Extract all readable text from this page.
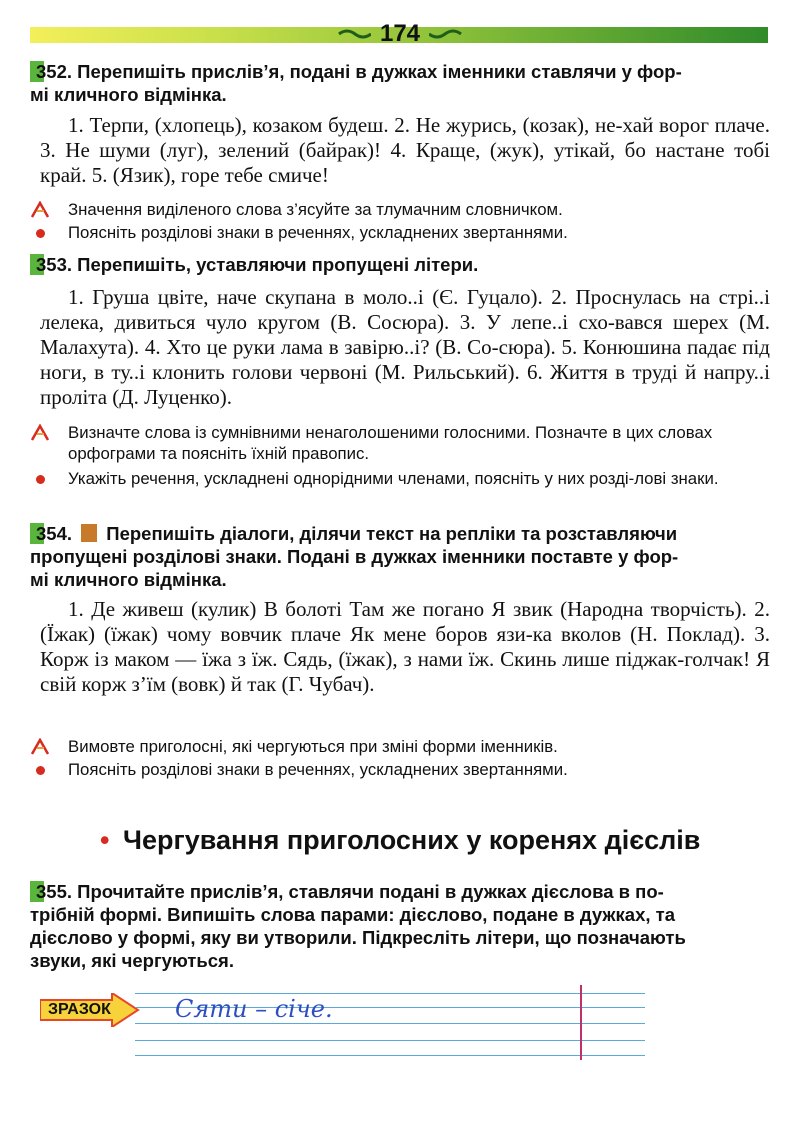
174
352. Перепишіть прислів’я, подані в дужках іменники ставлячи у фор-
мі кличного відмінка.

1. Терпи, (хлопець), козаком будеш. 2. Не журись, (козак), не-хай ворог плаче. 3. Не шуми (луг), зелений (байрак)! 4. Краще, (жук), утікай, бо настане тобі край. 5. (Язик), горе тебе смиче!

Значення виділеного слова з’ясуйте за тлумачним словничком.
Поясніть розділові знаки в реченнях, ускладнених звертаннями.
353. Перепишіть, уставляючи пропущені літери.

1. Груша цвіте, наче скупана в моло..і (Є. Гуцало). 2. Проснулась на стрі..і лелека, дивиться чуло кругом (В. Сосюра). 3. У лепе..і схо-вався шерех (М. Малахута). 4. Хто це руки лама в завірю..і? (В. Со-сюра). 5. Конюшина падає під ноги, в ту..і клонить голови червоні (М. Рильський). 6. Життя в труді й напру..і проліта (Д. Луценко).

Визначте слова із сумнівними ненаголошеними голосними. Позначте в цих словах орфограми та поясніть їхній правопис.
Укажіть речення, ускладнені однорідними членами, поясніть у них розді-лові знаки.
354. Перепишіть діалоги, ділячи текст на репліки та розставляючи
пропущені розділові знаки. Подані в дужках іменники поставте у фор-
мі кличного відмінка.

1. Де живеш (кулик) В болоті Там же погано Я звик (Народна творчість). 2. (Їжак) (їжак) чому вовчик плаче Як мене боров язи-ка вколов (Н. Поклад). 3. Корж із маком — їжа з їж. Сядь, (їжак), з нами їж. Скинь лише піджак-голчак! Я свій корж з’їм (вовк) й так (Г. Чубач).

Вимовте приголосні, які чергуються при зміні форми іменників.
Поясніть розділові знаки в реченнях, ускладнених звертаннями.
• Чергування приголосних у коренях дієслів
355. Прочитайте прислів’я, ставлячи подані в дужках дієслова в по-
трібній формі. Випишіть слова парами: дієслово, подане в дужках, та
дієслово у формі, яку ви утворили. Підкресліть літери, що позначають
звуки, які чергуються.
ЗРАЗОК	Сяти – січе.
